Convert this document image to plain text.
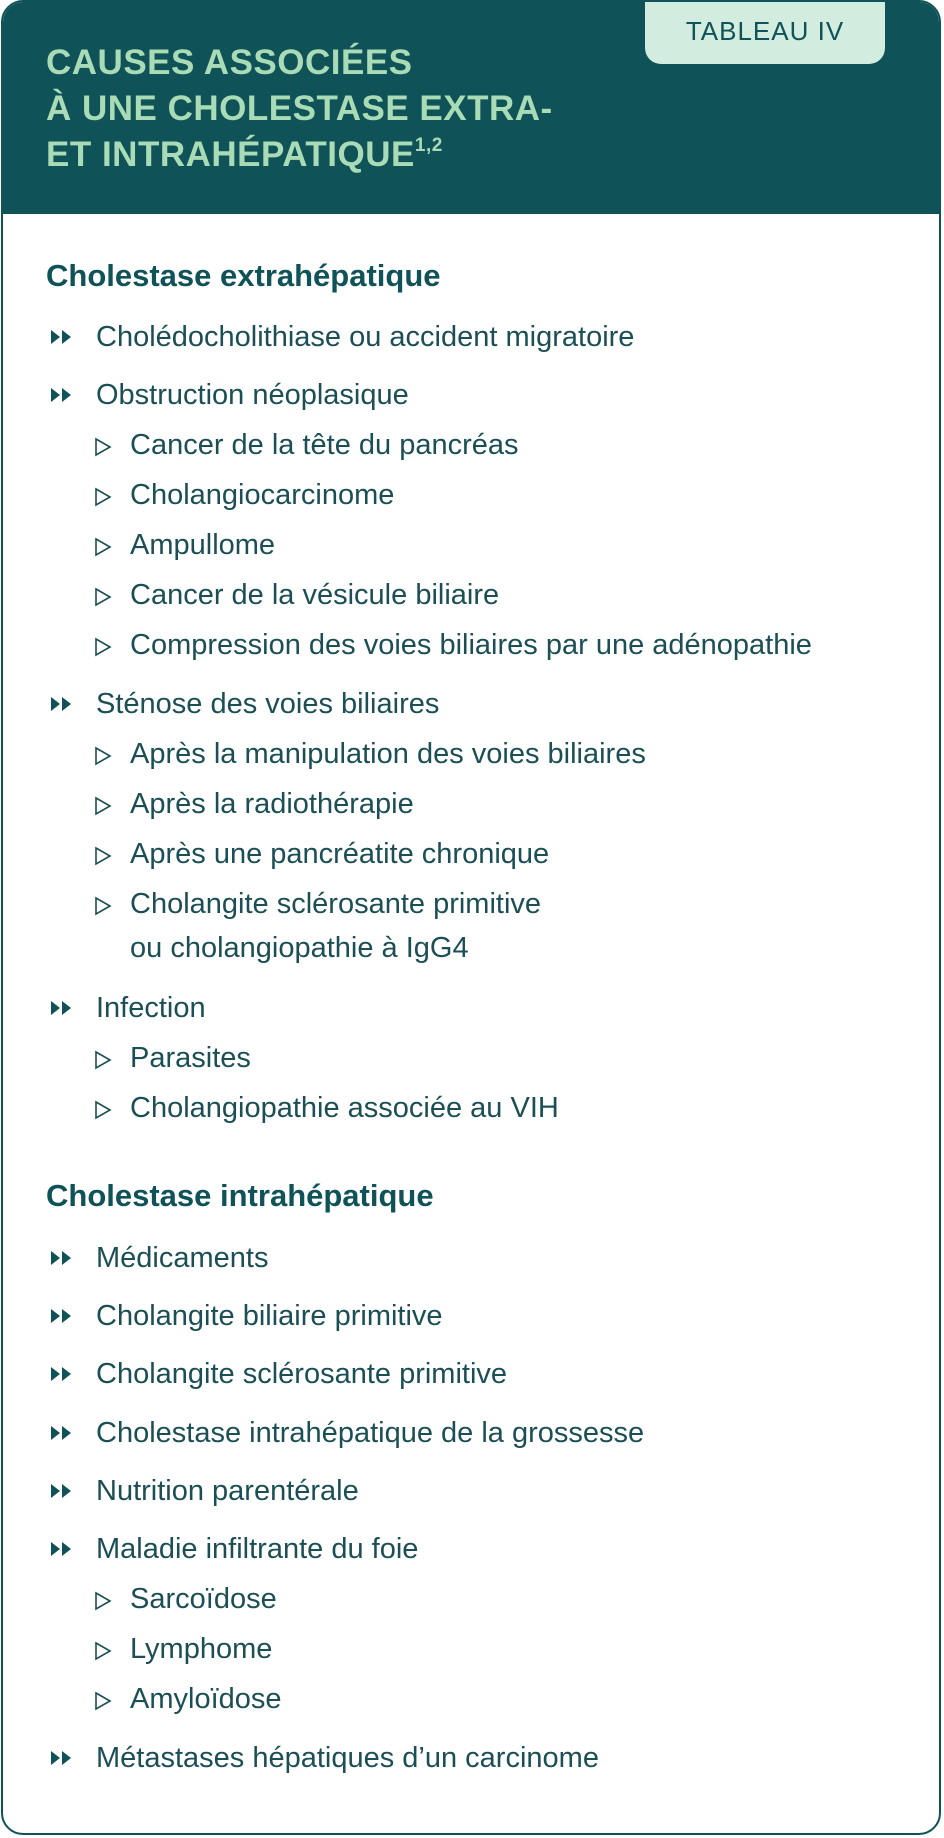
CAUSES ASSOCIÉES
À UNE CHOLESTASE EXTRA-
ET INTRAHÉPATIQUE$^{1,2}$
TABLEAU IV
Cholestase extrahépatique
Cholédocholithiase ou accident migratoire
Obstruction néoplasique
Cancer de la tête du pancréas
Cholangiocarcinome
Ampullome
Cancer de la vésicule biliaire
Compression des voies biliaires par une adénopathie
Sténose des voies biliaires
Après la manipulation des voies biliaires
Après la radiothérapie
Après une pancréatite chronique
Cholangite sclérosante primitive
ou cholangiopathie à IgG4
Infection
Parasites
Cholangiopathie associée au VIH
Cholestase intrahépatique
Médicaments
Cholangite biliaire primitive
Cholangite sclérosante primitive
Cholestase intrahépatique de la grossesse
Nutrition parentérale
Maladie infiltrante du foie
Sarcoïdose
Lymphome
Amyloïdose
Métastases hépatiques d’un carcinome
